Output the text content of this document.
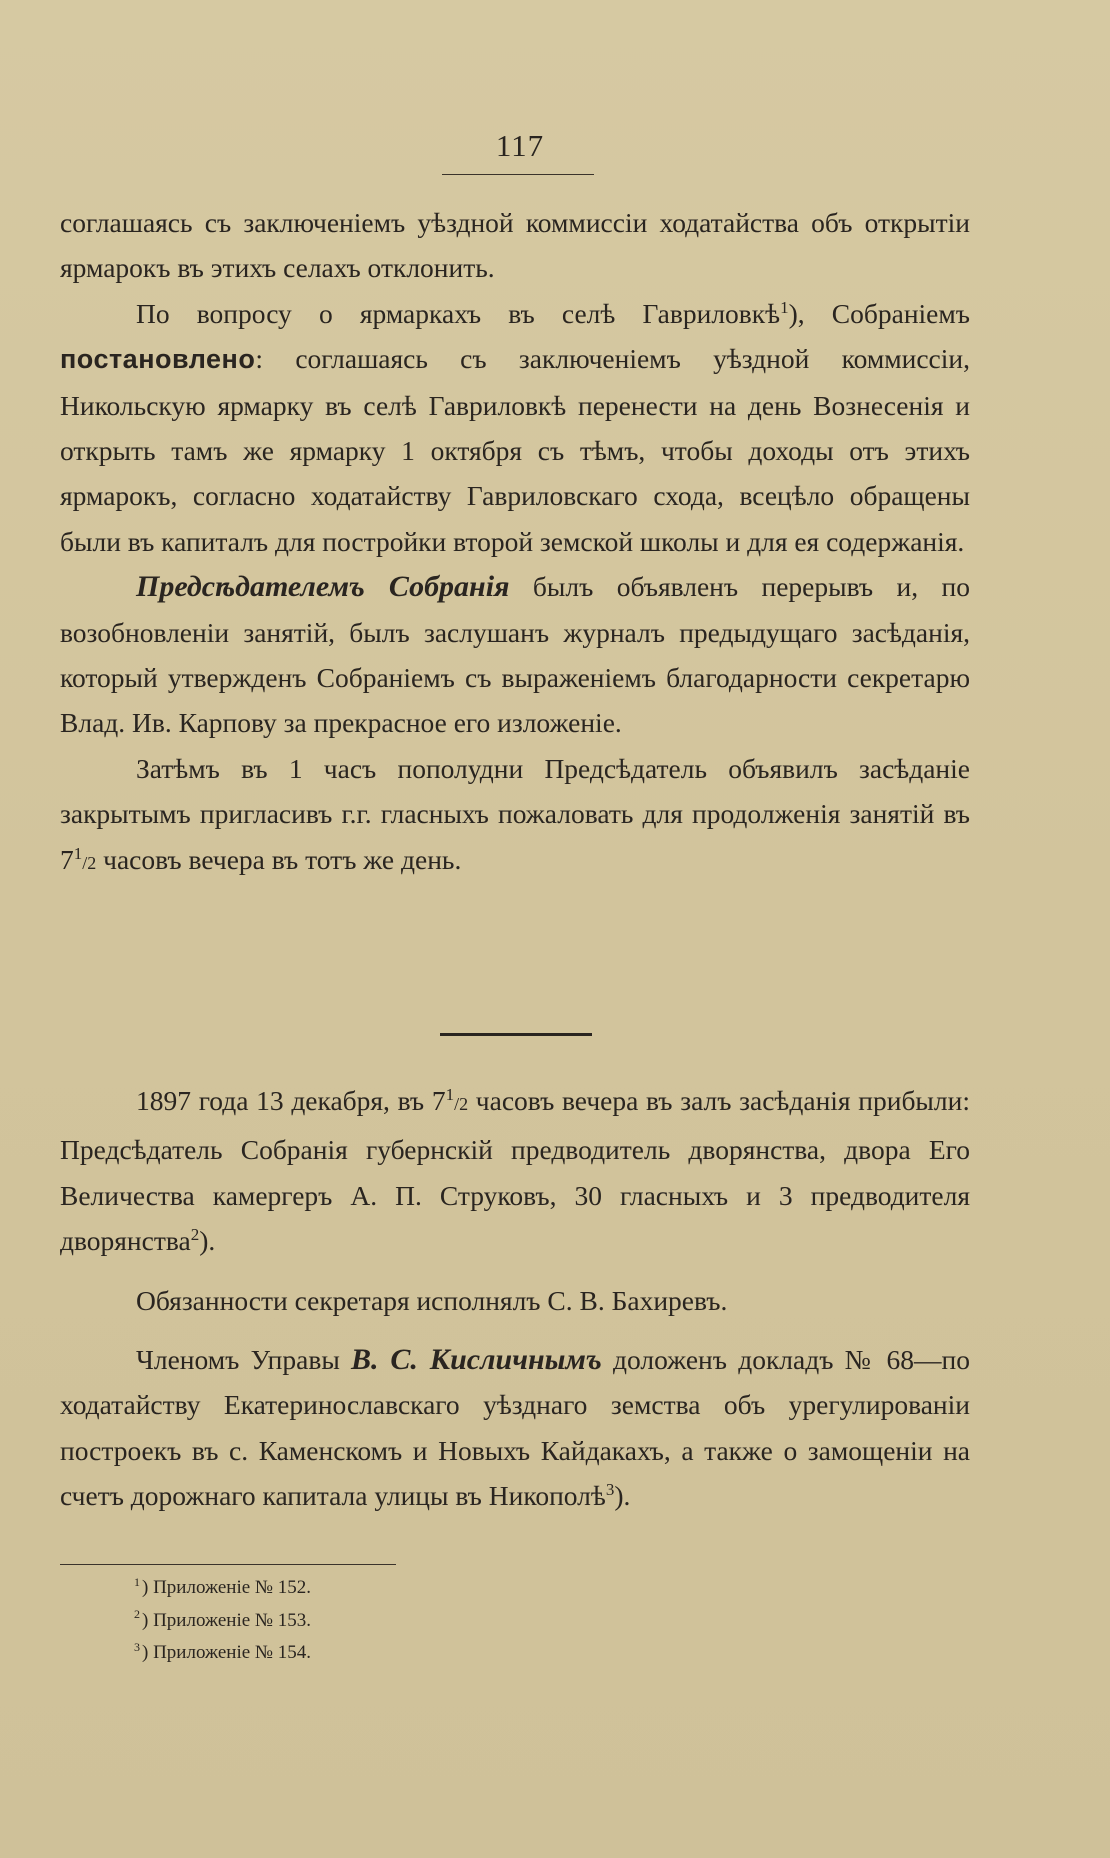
117

соглашаясь съ заключеніемъ уѣздной коммиссіи ходатайства объ открытіи ярмарокъ въ этихъ селахъ отклонить.

По вопросу о ярмаркахъ въ селѣ Гавриловкѣ$^1$), Собраніемъ постановлено: соглашаясь съ заключеніемъ уѣздной коммиссіи, Никольскую ярмарку въ селѣ Гавриловкѣ перенести на день Вознесенія и открыть тамъ же ярмарку 1 октября съ тѣмъ, чтобы доходы отъ этихъ ярмарокъ, согласно ходатайству Гавриловскаго схода, всецѣло обращены были въ капиталъ для постройки второй земской школы и для ея содержанія.

Предсѣдателемъ Собранія былъ объявленъ перерывъ и, по возобновленіи занятій, былъ заслушанъ журналъ предыдущаго засѣданія, который утвержденъ Собраніемъ съ выраженіемъ благодарности секретарю Влад. Ив. Карпову за прекрасное его изложеніе.

Затѣмъ въ 1 часъ пополудни Предсѣдатель объявилъ засѣданіе закрытымъ пригласивъ г.г. гласныхъ пожаловать для продолженія занятій въ $7^1/2$ часовъ вечера въ тотъ же день.

1897 года 13 декабря, въ $7^1/2$ часовъ вечера въ залъ засѣданія прибыли: Предсѣдатель Собранія губернскій предводитель дворянства, двора Его Величества камергеръ А. П. Струковъ, 30 гласныхъ и 3 предводителя дворянства$^2$).

Обязанности секретаря исполнялъ С. В. Бахиревъ.

Членомъ Управы В. С. Кисличнымъ доложенъ докладъ № 68—по ходатайству Екатеринославскаго уѣзднаго земства объ урегулированіи построекъ въ с. Каменскомъ и Новыхъ Кайдакахъ, а также о замощеніи на счетъ дорожнаго капитала улицы въ Никополѣ$^3$).

$^1$ ) Приложеніе № 152.
$^2$ ) Приложеніе № 153.
$^3$ ) Приложеніе № 154.
